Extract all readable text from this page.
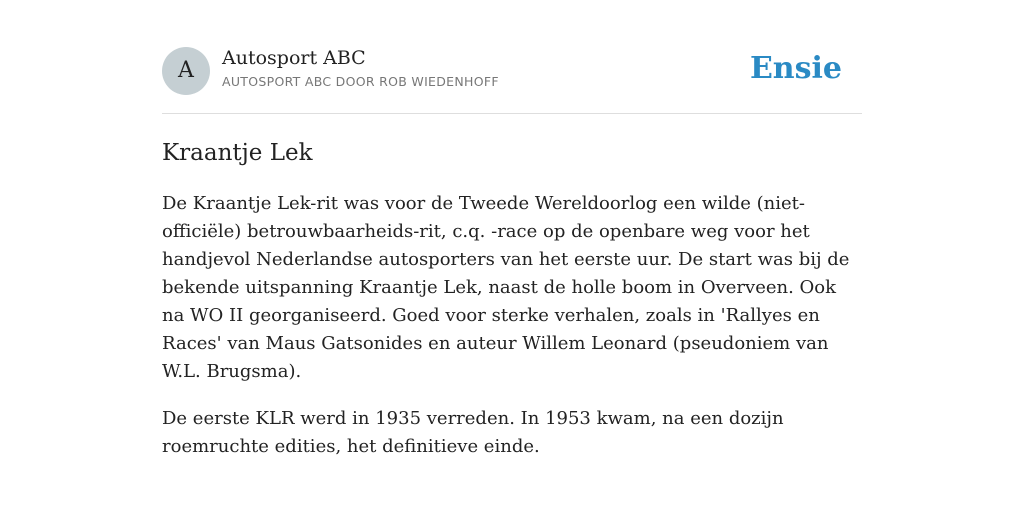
A	Autosport ABC
AUTOSPORT ABC DOOR ROB WIEDENHOFF	Ensie
Kraantje Lek

De Kraantje Lek-rit was voor de Tweede Wereldoorlog een wilde (niet-officiële) betrouwbaarheids-rit, c.q. -race op de openbare weg voor het handjevol Nederlandse autosporters van het eerste uur. De start was bij de bekende uitspanning Kraantje Lek, naast de holle boom in Overveen. Ook na WO II georganiseerd. Goed voor sterke verhalen, zoals in 'Rallyes en Races' van Maus Gatsonides en auteur Willem Leonard (pseudoniem van W.L. Brugsma).

De eerste KLR werd in 1935 verreden. In 1953 kwam, na een dozijn roemruchte edities, het definitieve einde.
